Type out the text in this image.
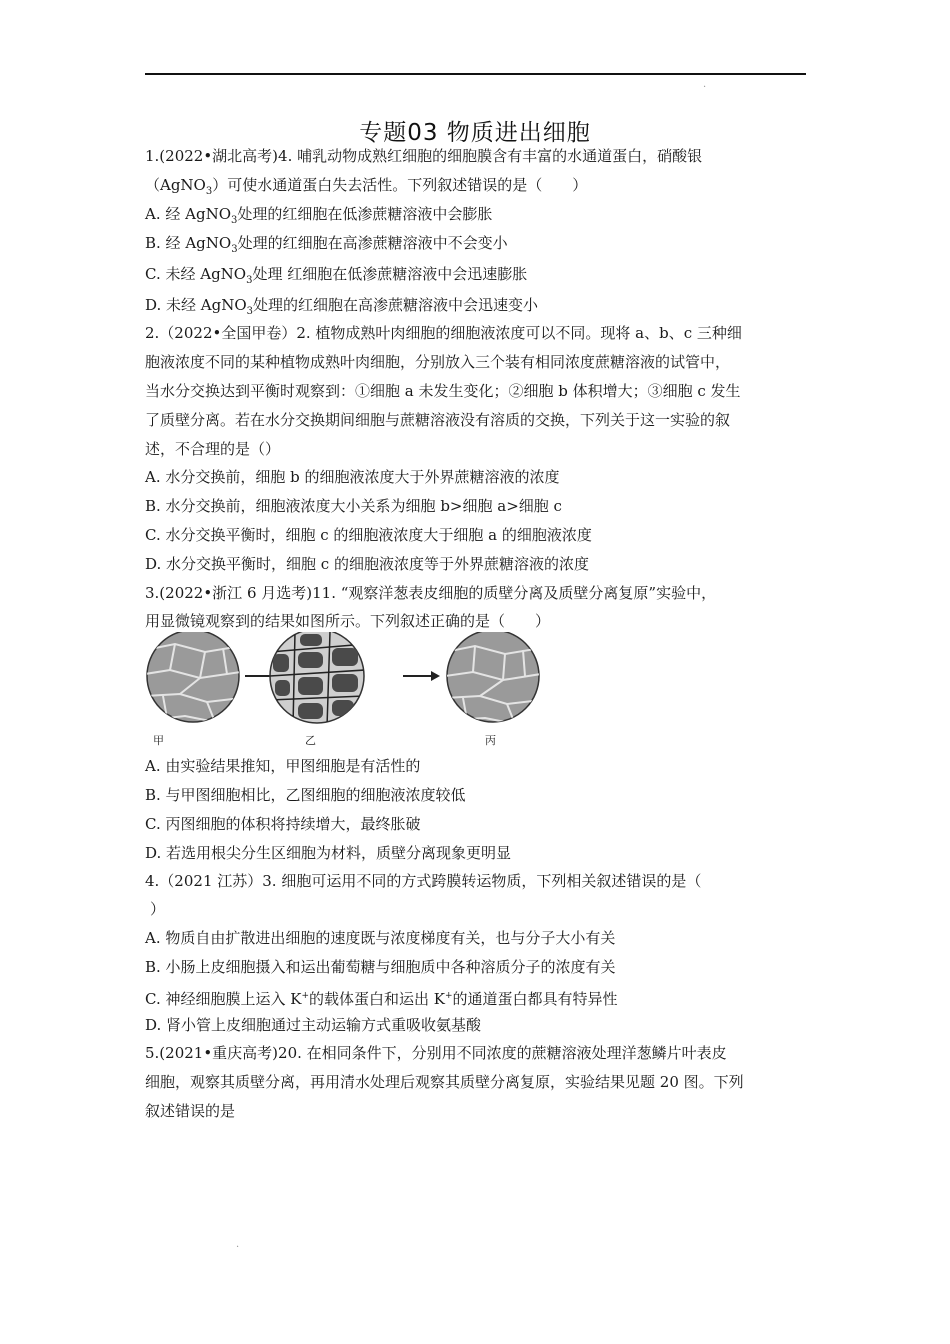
·
专题03 物质进出细胞
1.(2022•湖北高考)4. 哺乳动物成熟红细胞的细胞膜含有丰富的水通道蛋白，硝酸银
（AgNO$_3$）可使水通道蛋白失去活性。下列叙述错误的是（　　）
A. 经 AgNO$_3$处理的红细胞在低渗蔗糖溶液中会膨胀
B. 经 AgNO$_3$处理的红细胞在高渗蔗糖溶液中不会变小
C. 未经 AgNO$_3$处理 红细胞在低渗蔗糖溶液中会迅速膨胀
D. 未经 AgNO$_3$处理的红细胞在高渗蔗糖溶液中会迅速变小
2.（2022•全国甲卷）2. 植物成熟叶肉细胞的细胞液浓度可以不同。现将 a、b、c 三种细
胞液浓度不同的某种植物成熟叶肉细胞，分别放入三个装有相同浓度蔗糖溶液的试管中，
当水分交换达到平衡时观察到：①细胞 a 未发生变化；②细胞 b 体积增大；③细胞 c 发生
了质壁分离。若在水分交换期间细胞与蔗糖溶液没有溶质的交换，下列关于这一实验的叙
述，不合理的是（）
A. 水分交换前，细胞 b 的细胞液浓度大于外界蔗糖溶液的浓度
B. 水分交换前，细胞液浓度大小关系为细胞 b>细胞 a>细胞 c
C. 水分交换平衡时，细胞 c 的细胞液浓度大于细胞 a 的细胞液浓度
D. 水分交换平衡时，细胞 c 的细胞液浓度等于外界蔗糖溶液的浓度
3.(2022•浙江 6 月选考)11. “观察洋葱表皮细胞的质壁分离及质壁分离复原”实验中，
用显微镜观察到的结果如图所示。下列叙述正确的是（　　）
甲	乙	丙
A. 由实验结果推知，甲图细胞是有活性的
B. 与甲图细胞相比，乙图细胞的细胞液浓度较低
C. 丙图细胞的体积将持续增大，最终胀破
D. 若选用根尖分生区细胞为材料，质壁分离现象更明显
4.（2021 江苏）3. 细胞可运用不同的方式跨膜转运物质，下列相关叙述错误的是（
）
A. 物质自由扩散进出细胞的速度既与浓度梯度有关，也与分子大小有关
B. 小肠上皮细胞摄入和运出葡萄糖与细胞质中各种溶质分子的浓度有关
C. 神经细胞膜上运入 K+的载体蛋白和运出 K+的通道蛋白都具有特异性
D. 肾小管上皮细胞通过主动运输方式重吸收氨基酸
5.(2021•重庆高考)20. 在相同条件下，分别用不同浓度的蔗糖溶液处理洋葱鳞片叶表皮
细胞，观察其质壁分离，再用清水处理后观察其质壁分离复原，实验结果见题 20 图。下列
叙述错误的是
·
